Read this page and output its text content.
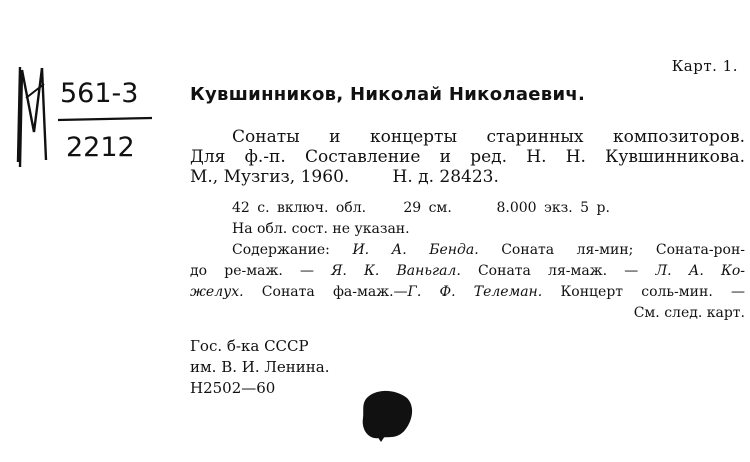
561-3
2212
Карт. 1.
Кувшинников, Николай Николаевич.
Сонаты и концерты старинных композиторов.
Для ф.-п. Составление и ред. Н. Н. Кувшинникова.
М., Музгиз, 1960.        Н. д. 28423.
42 с. включ. обл.     29 см.      8.000 экз. 5 р.
На обл. сост. не указан.
Содержание: И. А. Бенда. Соната ля-мин; Соната-рон-
до ре-маж. — Я. К. Ваньгал. Соната ля-маж. — Л. А. Ко-
желух. Соната фа-маж.—Г. Ф. Телеман. Концерт соль-мин. —
См. след. карт.
Гос. б-ка СССР
им. В. И. Ленина.
Н2502—60
